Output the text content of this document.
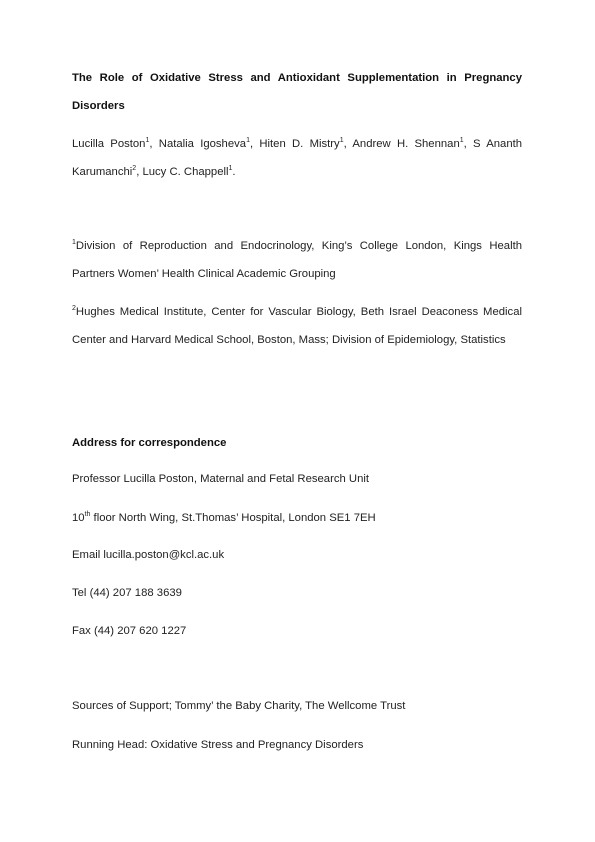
The Role of Oxidative Stress and Antioxidant Supplementation in Pregnancy Disorders
Lucilla Poston$^1$, Natalia Igosheva$^1$, Hiten D. Mistry$^1$, Andrew H. Shennan$^1$, S Ananth Karumanchi$^2$, Lucy C. Chappell$^1$.
$^1$Division of Reproduction and Endocrinology, King’s College London, Kings Health Partners Women’ Health Clinical Academic Grouping
$^2$Hughes Medical Institute, Center for Vascular Biology, Beth Israel Deaconess Medical Center and Harvard Medical School, Boston, Mass; Division of Epidemiology, Statistics
Address for correspondence
Professor Lucilla Poston, Maternal and Fetal Research Unit
10th floor North Wing, St.Thomas’ Hospital, London SE1 7EH
Email lucilla.poston@kcl.ac.uk
Tel (44) 207 188 3639
Fax (44) 207 620 1227
Sources of Support; Tommy’ the Baby Charity, The Wellcome Trust
Running Head: Oxidative Stress and Pregnancy Disorders
